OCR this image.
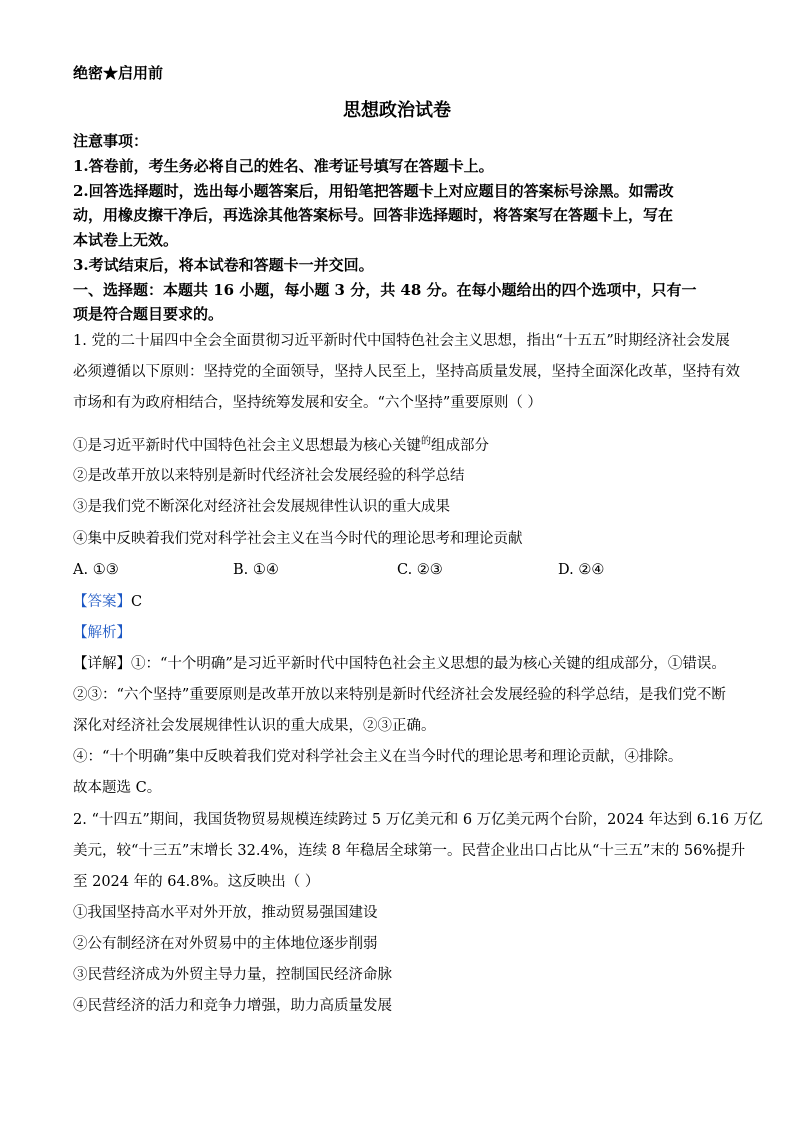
绝密★启用前
思想政治试卷
注意事项：
1.答卷前，考生务必将自己的姓名、准考证号填写在答题卡上。
2.回答选择题时，选出每小题答案后，用铅笔把答题卡上对应题目的答案标号涂黑。如需改
动，用橡皮擦干净后，再选涂其他答案标号。回答非选择题时，将答案写在答题卡上，写在
本试卷上无效。
3.考试结束后，将本试卷和答题卡一并交回。
一、选择题：本题共 16 小题，每小题 3 分，共 48 分。在每小题给出的四个选项中，只有一
项是符合题目要求的。
1. 党的二十届四中全会全面贯彻习近平新时代中国特色社会主义思想，指出“十五五”时期经济社会发展
必须遵循以下原则：坚持党的全面领导，坚持人民至上，坚持高质量发展，坚持全面深化改革，坚持有效
市场和有为政府相结合，坚持统筹发展和安全。“六个坚持”重要原则（ ）
①是习近平新时代中国特色社会主义思想最为核心关键$^的$组成部分
②是改革开放以来特别是新时代经济社会发展经验的科学总结
③是我们党不断深化对经济社会发展规律性认识的重大成果
④集中反映着我们党对科学社会主义在当今时代的理论思考和理论贡献
A. ①③	B. ①④	C. ②③	D. ②④
【答案】C
【解析】
【详解】①：“十个明确”是习近平新时代中国特色社会主义思想的最为核心关键的组成部分，①错误。
②③：“六个坚持”重要原则是改革开放以来特别是新时代经济社会发展经验的科学总结，是我们党不断
深化对经济社会发展规律性认识的重大成果，②③正确。
④：“十个明确”集中反映着我们党对科学社会主义在当今时代的理论思考和理论贡献，④排除。
故本题选 C。
2. “十四五”期间，我国货物贸易规模连续跨过 5 万亿美元和 6 万亿美元两个台阶，2024 年达到 6.16 万亿
美元，较“十三五”末增长 32.4%，连续 8 年稳居全球第一。民营企业出口占比从“十三五”末的 56%提升
至 2024 年的 64.8%。这反映出（ ）
①我国坚持高水平对外开放，推动贸易强国建设
②公有制经济在对外贸易中的主体地位逐步削弱
③民营经济成为外贸主导力量，控制国民经济命脉
④民营经济的活力和竞争力增强，助力高质量发展
